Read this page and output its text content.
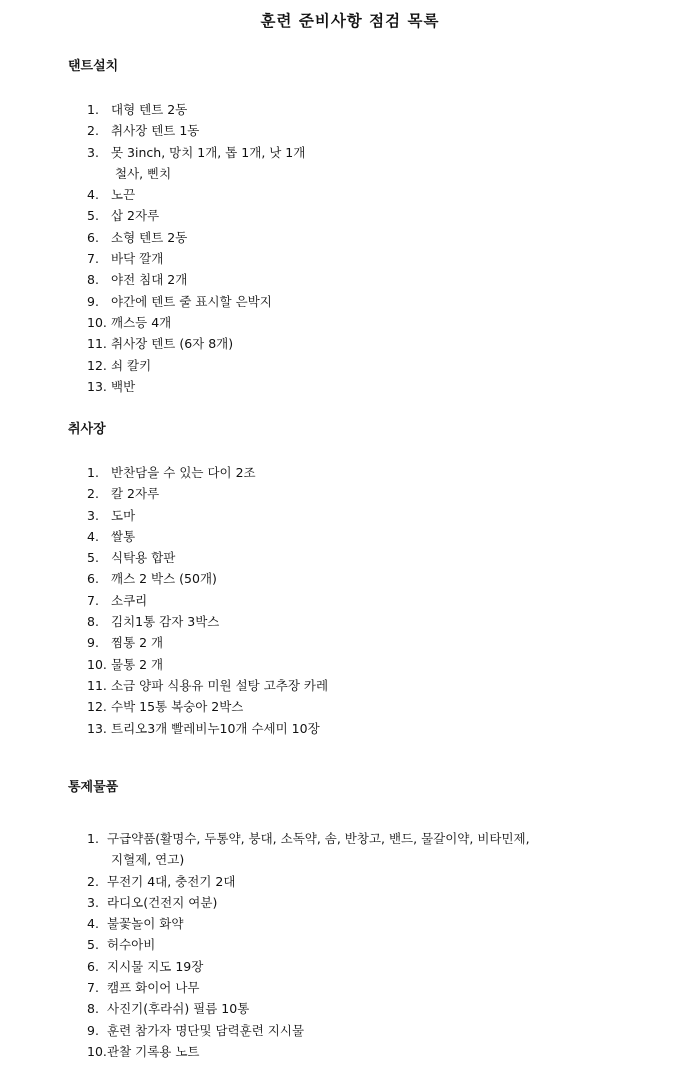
훈련 준비사항 점검 목록
탠트설치
1. 대형 텐트 2동
2. 취사장 텐트 1동
3. 못 3inch, 망치 1개, 톱 1개, 낫 1개
철사, 삔치
4. 노끈
5. 삽 2자루
6. 소형 텐트 2동
7. 바닥 깔개
8. 야전 침대 2개
9. 야간에 텐트 줄 표시할 은박지
10. 깨스등 4개
11. 취사장 텐트 (6자 8개)
12. 쇠 칼키
13. 백반
취사장
1. 반찬담을 수 있는 다이 2조
2. 칼 2자루
3. 도마
4. 쌀통
5. 식탁용 합판
6. 깨스 2 박스 (50개)
7. 소쿠리
8. 김치1통 감자 3박스
9. 찜통 2 개
10. 물통 2 개
11. 소금 양파 식용유 미원 설탕 고추장 카레
12. 수박 15통 복숭아 2박스
13. 트리오3개 빨레비누10개 수세미 10장
통제물품
1. 구급약품(활명수, 두통약, 붕대, 소독약, 솜, 반창고, 밴드, 물갈이약, 비타민제,
지혈제, 연고)
2. 무전기 4대, 충전기 2대
3. 라디오(건전지 여분)
4. 불꽃놀이 화약
5. 허수아비
6. 지시물 지도 19장
7. 캠프 화이어 나무
8. 사진기(후라쉬) 필름 10통
9. 훈련 참가자 명단및 담력훈련 지시물
10. 관찰 기록용 노트
